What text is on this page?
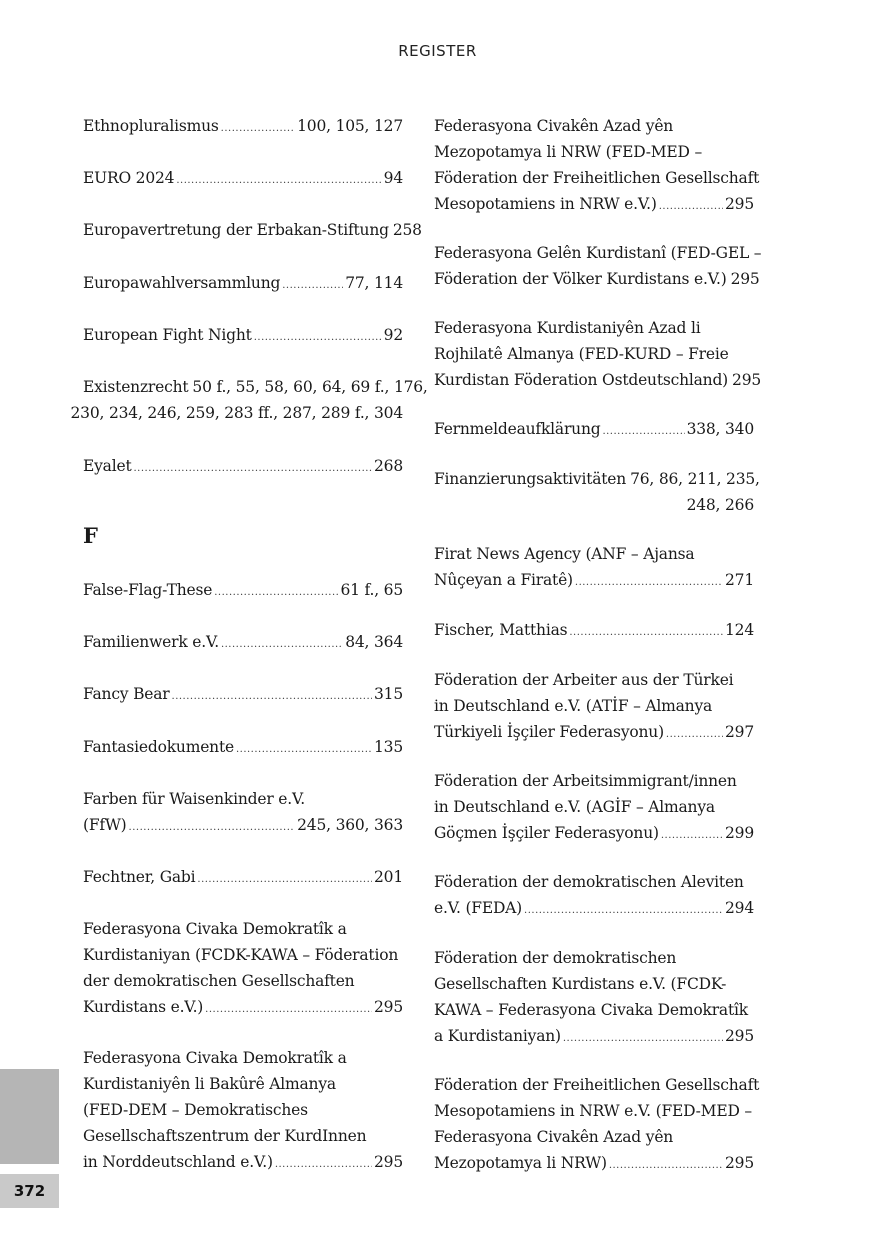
REGISTER
Ethnopluralismus .....	100, 105, 127
EURO 2024 .....	94
Europavertretung der Erbakan-Stiftung 258
Europawahlversammlung .....	77, 114
European Fight Night .....	92
Existenzrecht 50 f., 55, 58, 60, 64, 69 f., 176,
230, 234, 246, 259, 283 ff., 287, 289 f., 304
Eyalet .....	268
F
False-Flag-These .....	61 f., 65
Familienwerk e.V. .....	84, 364
Fancy Bear .....	315
Fantasiedokumente .....	135
Farben für Waisenkinder e.V.
(FfW) .....	245, 360, 363
Fechtner, Gabi .....	201
Federasyona Civaka Demokratîk a
Kurdistaniyan (FCDK-KAWA – Föderation
der demokratischen Gesellschaften
Kurdistans e.V.) .....	295
Federasyona Civaka Demokratîk a
Kurdistaniyên li Bakûrê Almanya
(FED-DEM – Demokratisches
Gesellschaftszentrum der KurdInnen
in Norddeutschland e.V.) .....	295
Federasyona Civakên Azad yên
Mezopotamya li NRW (FED-MED –
Föderation der Freiheitlichen Gesellschaft
Mesopotamiens in NRW e.V.) .....	295
Federasyona Gelên Kurdistanî (FED-GEL –
Föderation der Völker Kurdistans e.V.) 295
Federasyona Kurdistaniyên Azad li
Rojhilatê Almanya (FED-KURD – Freie
Kurdistan Föderation Ostdeutschland) 295
Fernmeldeaufklärung .....	338, 340
Finanzierungsaktivitäten 76, 86, 211, 235,
248, 266
Firat News Agency (ANF – Ajansa
Nûçeyan a Firatê) .....	271
Fischer, Matthias .....	124
Föderation der Arbeiter aus der Türkei
in Deutschland e.V. (ATİF – Almanya
Türkiyeli İşçiler Federasyonu) .....	297
Föderation der Arbeitsimmigrant/innen
in Deutschland e.V. (AGİF – Almanya
Göçmen İşçiler Federasyonu) .....	299
Föderation der demokratischen Aleviten
e.V. (FEDA) .....	294
Föderation der demokratischen
Gesellschaften Kurdistans e.V. (FCDK-
KAWA – Federasyona Civaka Demokratîk
a Kurdistaniyan) .....	295
Föderation der Freiheitlichen Gesellschaft
Mesopotamiens in NRW e.V. (FED-MED –
Federasyona Civakên Azad yên
Mezopotamya li NRW) .....	295
372
